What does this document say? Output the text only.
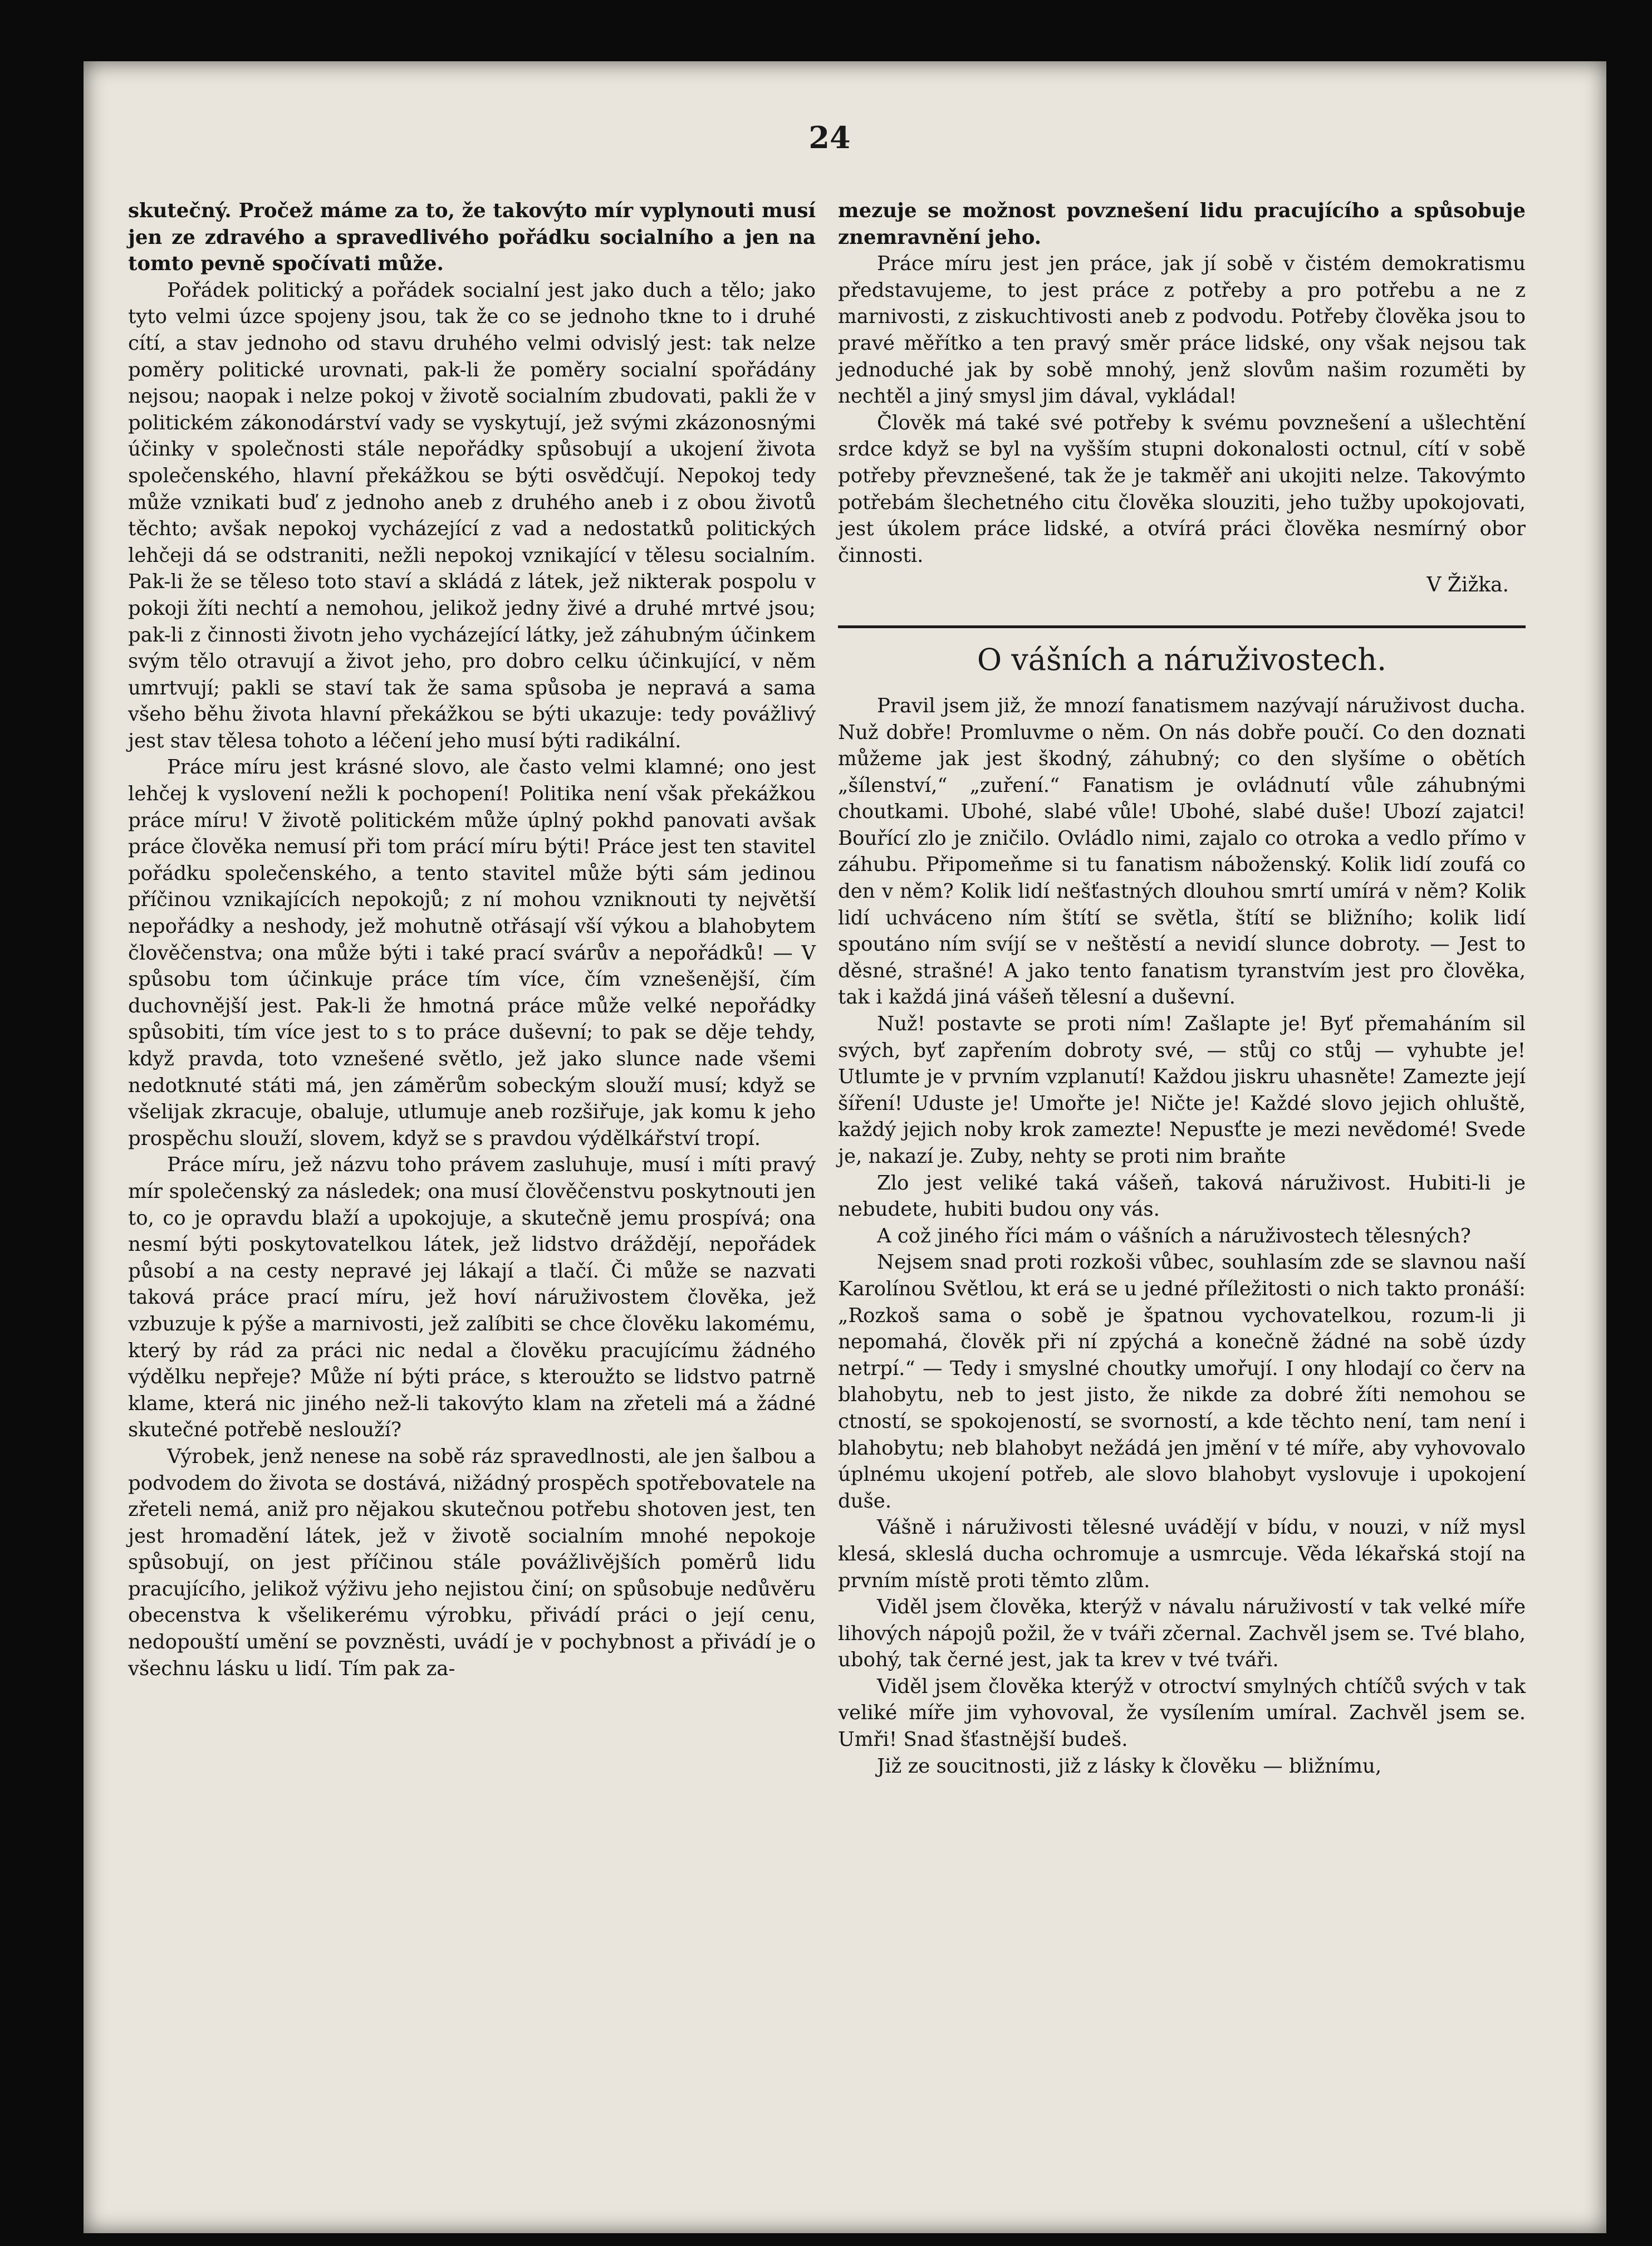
24

skutečný. Pročež máme za to, že takovýto mír vyplynouti musí jen ze zdravého a spravedlivého pořádku socialního a jen na tomto pevně spočívati může.

Pořádek politický a pořádek socialní jest jako duch a tělo; jako tyto velmi úzce spojeny jsou, tak že co se jednoho tkne to i druhé cítí, a stav jednoho od stavu druhého velmi odvislý jest: tak nelze poměry politické urovnati, pak-li že poměry socialní spořádány nejsou; naopak i nelze pokoj v životě socialním zbudovati, pakli že v politickém zákonodárství vady se vyskytují, jež svými zkázonosnými účinky v společnosti stále nepořádky spůsobují a ukojení života společenského, hlavní překážkou se býti osvědčují. Nepokoj tedy může vznikati buď z jednoho aneb z druhého aneb i z obou životů těchto; avšak nepokoj vycházející z vad a nedostatků politických lehčeji dá se odstraniti, nežli nepokoj vznikající v tělesu socialním. Pak-li že se těleso toto staví a skládá z látek, jež nikterak pospolu v pokoji žíti nechtí a nemohou, jelikož jedny živé a druhé mrtvé jsou; pak-li z činnosti životn jeho vycházející látky, jež záhubným účinkem svým tělo otravují a život jeho, pro dobro celku účinkující, v něm umrtvují; pakli se staví tak že sama spůsoba je nepravá a sama všeho běhu života hlavní překážkou se býti ukazuje: tedy povážlivý jest stav tělesa tohoto a léčení jeho musí býti radikální.

Práce míru jest krásné slovo, ale často velmi klamné; ono jest lehčej k vyslovení nežli k pochopení! Politika není však překážkou práce míru! V životě politickém může úplný pokhd panovati avšak práce člověka nemusí při tom prácí míru býti! Práce jest ten stavitel pořádku společenského, a tento stavitel může býti sám jedinou příčinou vznikajících nepokojů; z ní mohou vzniknouti ty největší nepořádky a neshody, jež mohutně otřásají vší výkou a blahobytem člověčenstva; ona může býti i také prací svárův a nepořádků! — V spůsobu tom účinkuje práce tím více, čím vznešenější, čím duchovnější jest. Pak-li že hmotná práce může velké nepořádky spůsobiti, tím více jest to s to práce duševní; to pak se děje tehdy, když pravda, toto vznešené světlo, jež jako slunce nade všemi nedotknuté státi má, jen záměrům sobeckým slouží musí; když se všelijak zkracuje, obaluje, utlumuje aneb rozšiřuje, jak komu k jeho prospěchu slouží, slovem, když se s pravdou výdělkářství tropí.

Práce míru, jež názvu toho právem zasluhuje, musí i míti pravý mír společenský za následek; ona musí člověčenstvu poskytnouti jen to, co je opravdu blaží a upokojuje, a skutečně jemu prospívá; ona nesmí býti poskytovatelkou látek, jež lidstvo dráždějí, nepořádek působí a na cesty nepravé jej lákají a tlačí. Či může se nazvati taková práce prací míru, jež hoví náruživostem člověka, jež vzbuzuje k pýše a marnivosti, jež zalíbiti se chce člověku lakomému, který by rád za práci nic nedal a člověku pracujícímu žádného výdělku nepřeje? Může ní býti práce, s kteroužto se lidstvo patrně klame, která nic jiného než-li takovýto klam na zřeteli má a žádné skutečné potřebě neslouží?

Výrobek, jenž nenese na sobě ráz spravedlnosti, ale jen šalbou a podvodem do života se dostává, nižádný prospěch spotřebovatele na zřeteli nemá, aniž pro nějakou skutečnou potřebu shotoven jest, ten jest hromadění látek, jež v životě socialním mnohé nepokoje spůsobují, on jest příčinou stále povážlivějších poměrů lidu pracujícího, jelikož výživu jeho nejistou činí; on spůsobuje nedůvěru obecenstva k všelikerému výrobku, přivádí práci o její cenu, nedopouští umění se povzněsti, uvádí je v pochybnost a přivádí je o všechnu lásku u lidí. Tím pak za-

mezuje se možnost povznešení lidu pracujícího a spůsobuje znemravnění jeho.

Práce míru jest jen práce, jak jí sobě v čistém demokratismu představujeme, to jest práce z potřeby a pro potřebu a ne z marnivosti, z ziskuchtivosti aneb z podvodu. Potřeby člověka jsou to pravé měřítko a ten pravý směr práce lidské, ony však nejsou tak jednoduché jak by sobě mnohý, jenž slovům našim rozuměti by nechtěl a jiný smysl jim dával, vykládal!

Člověk má také své potřeby k svému povznešení a ušlechtění srdce když se byl na vyšším stupni dokonalosti octnul, cítí v sobě potřeby převznešené, tak že je takměř ani ukojiti nelze. Takovýmto potřebám šlechetného citu člověka slouziti, jeho tužby upokojovati, jest úkolem práce lidské, a otvírá práci člověka nesmírný obor činnosti.

V Žižka.

O vášních a náruživostech.

Pravil jsem již, že mnozí fanatismem nazývají náruživost ducha. Nuž dobře! Promluvme o něm. On nás dobře poučí. Co den doznati můžeme jak jest škodný, záhubný; co den slyšíme o obětích „šílenství,“ „zuření.“ Fanatism je ovládnutí vůle záhubnými choutkami. Ubohé, slabé vůle! Ubohé, slabé duše! Ubozí zajatci! Bouřící zlo je zničilo. Ovládlo nimi, zajalo co otroka a vedlo přímo v záhubu. Připomeňme si tu fanatism náboženský. Kolik lidí zoufá co den v něm? Kolik lidí nešťastných dlouhou smrtí umírá v něm? Kolik lidí uchváceno ním štítí se světla, štítí se bližního; kolik lidí spoutáno ním svíjí se v neštěstí a nevidí slunce dobroty. — Jest to děsné, strašné! A jako tento fanatism tyranstvím jest pro člověka, tak i každá jiná vášeň tělesní a duševní.

Nuž! postavte se proti ním! Zašlapte je! Byť přemaháním sil svých, byť zapřením dobroty své, — stůj co stůj — vyhubte je! Utlumte je v prvním vzplanutí! Každou jiskru uhasněte! Zamezte její šíření! Uduste je! Umořte je! Ničte je! Každé slovo jejich ohluště, každý jejich noby krok zamezte! Nepusťte je mezi nevědomé! Svede je, nakazí je. Zuby, nehty se proti nim braňte

Zlo jest veliké taká vášeň, taková náruživost. Hubiti-li je nebudete, hubiti budou ony vás.

A což jiného říci mám o vášních a náruživostech tělesných?

Nejsem snad proti rozkoši vůbec, souhlasím zde se slavnou naší Karolínou Světlou, kt erá se u jedné příležitosti o nich takto pronáší: „Rozkoš sama o sobě je špatnou vychovatelkou, rozum-li ji nepomahá, člověk při ní zpýchá a konečně žádné na sobě úzdy netrpí.“ — Tedy i smyslné choutky umořují. I ony hlodají co červ na blahobytu, neb to jest jisto, že nikde za dobré žíti nemohou se ctností, se spokojeností, se svorností, a kde těchto není, tam není i blahobytu; neb blahobyt nežádá jen jmění v té míře, aby vyhovovalo úplnému ukojení potřeb, ale slovo blahobyt vyslovuje i upokojení duše.

Vášně i náruživosti tělesné uvádějí v bídu, v nouzi, v níž mysl klesá, skleslá ducha ochromuje a usmrcuje. Věda lékařská stojí na prvním místě proti těmto zlům.

Viděl jsem člověka, kterýž v návalu náruživostí v tak velké míře lihových nápojů požil, že v tváři zčernal. Zachvěl jsem se. Tvé blaho, ubohý, tak černé jest, jak ta krev v tvé tváři.

Viděl jsem člověka kterýž v otroctví smylných chtíčů svých v tak veliké míře jim vyhovoval, že vysílením umíral. Zachvěl jsem se. Umři! Snad šťastnější budeš.

Již ze soucitnosti, již z lásky k člověku — bližnímu,
